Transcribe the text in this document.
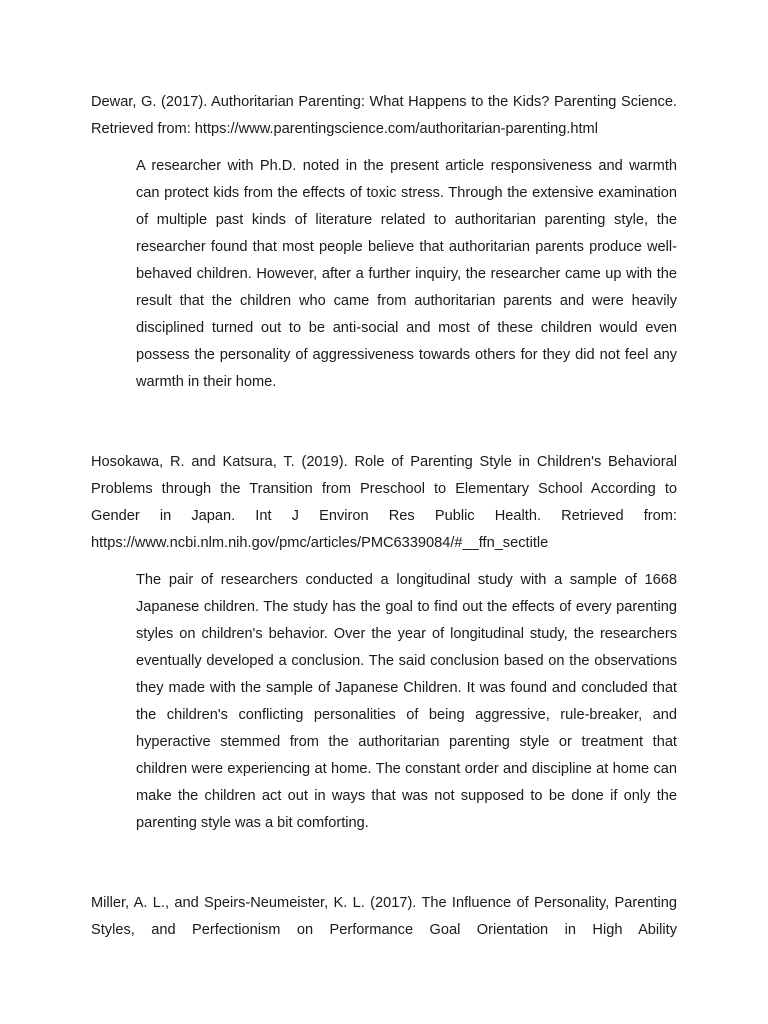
Dewar, G. (2017). Authoritarian Parenting: What Happens to the Kids? Parenting Science. Retrieved from: https://www.parentingscience.com/authoritarian-parenting.html

A researcher with Ph.D. noted in the present article responsiveness and warmth can protect kids from the effects of toxic stress. Through the extensive examination of multiple past kinds of literature related to authoritarian parenting style, the researcher found that most people believe that authoritarian parents produce well-behaved children. However, after a further inquiry, the researcher came up with the result that the children who came from authoritarian parents and were heavily disciplined turned out to be anti-social and most of these children would even possess the personality of aggressiveness towards others for they did not feel any warmth in their home.

Hosokawa, R. and Katsura, T. (2019). Role of Parenting Style in Children's Behavioral Problems through the Transition from Preschool to Elementary School According to Gender in Japan. Int J Environ Res Public Health. Retrieved from:

https://www.ncbi.nlm.nih.gov/pmc/articles/PMC6339084/#__ffn_sectitle

The pair of researchers conducted a longitudinal study with a sample of 1668 Japanese children. The study has the goal to find out the effects of every parenting styles on children's behavior. Over the year of longitudinal study, the researchers eventually developed a conclusion. The said conclusion based on the observations they made with the sample of Japanese Children. It was found and concluded that the children's conflicting personalities of being aggressive, rule-breaker, and hyperactive stemmed from the authoritarian parenting style or treatment that children were experiencing at home. The constant order and discipline at home can make the children act out in ways that was not supposed to be done if only the parenting style was a bit comforting.

Miller, A. L., and Speirs-Neumeister, K. L. (2017). The Influence of Personality, Parenting Styles, and Perfectionism on Performance Goal Orientation in High Ability
